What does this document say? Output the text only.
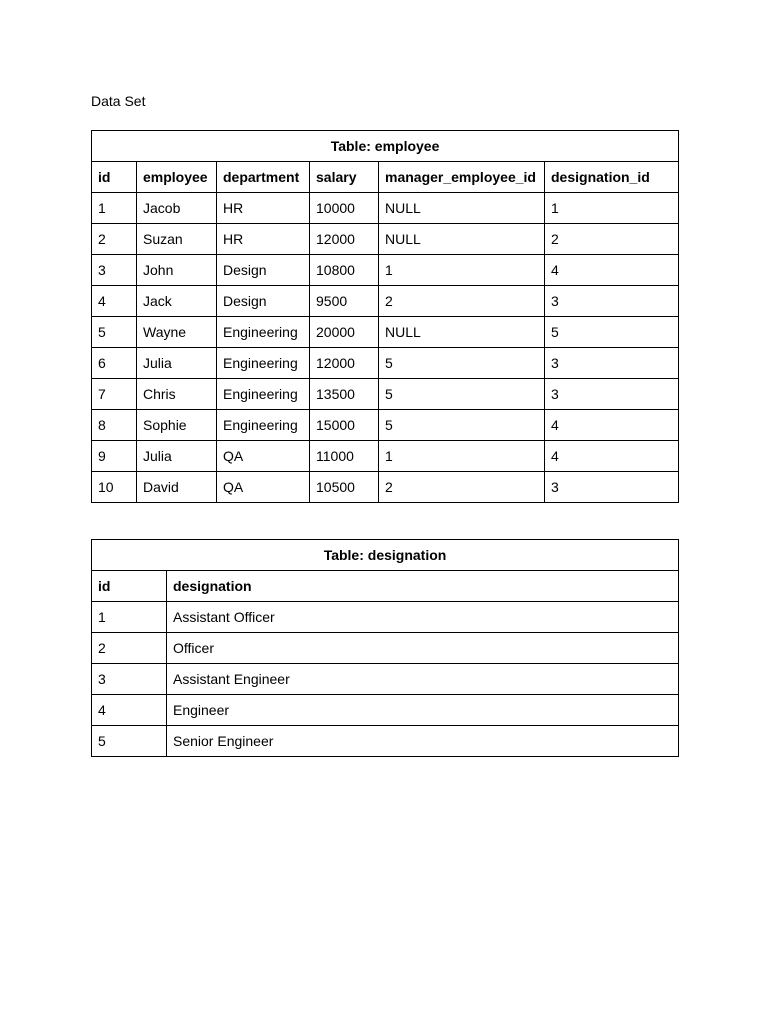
Data Set
Table: employee					
id	employee	department	salary	manager_employee_id	designation_id
1	Jacob	HR	10000	NULL	1
2	Suzan	HR	12000	NULL	2
3	John	Design	10800	1	4
4	Jack	Design	9500	2	3
5	Wayne	Engineering	20000	NULL	5
6	Julia	Engineering	12000	5	3
7	Chris	Engineering	13500	5	3
8	Sophie	Engineering	15000	5	4
9	Julia	QA	11000	1	4
10	David	QA	10500	2	3
Table: designation	
id	designation
1	Assistant Officer
2	Officer
3	Assistant Engineer
4	Engineer
5	Senior Engineer
